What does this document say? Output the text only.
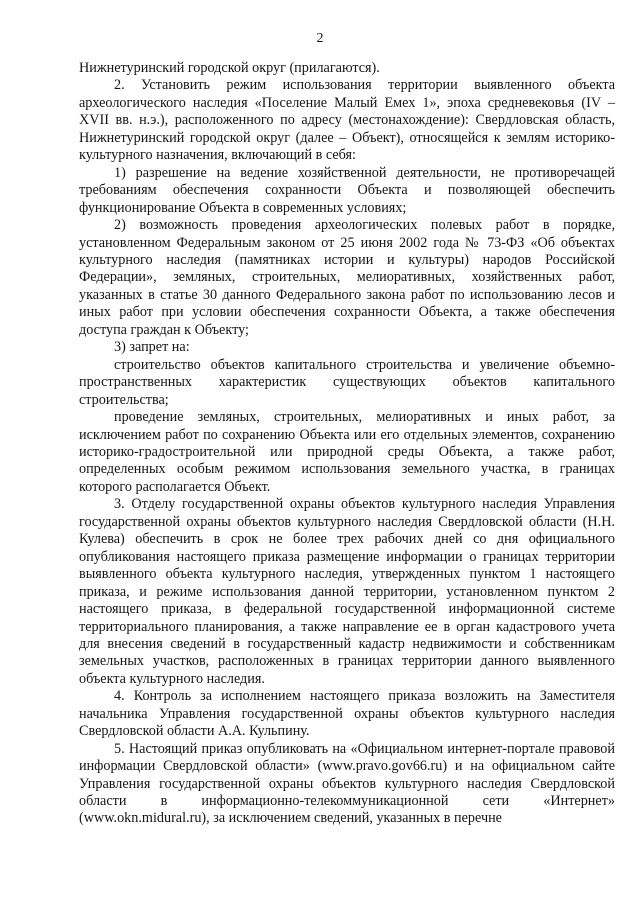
2

Нижнетуринский городской округ (прилагаются).

2. Установить режим использования территории выявленного объекта археологического наследия «Поселение Малый Емех 1», эпоха средневековья (IV – XVII вв. н.э.), расположенного по адресу (местонахождение): Свердловская область, Нижнетуринский городской округ (далее – Объект), относящейся к землям историко-культурного назначения, включающий в себя:

1) разрешение на ведение хозяйственной деятельности, не противоречащей требованиям обеспечения сохранности Объекта и позволяющей обеспечить функционирование Объекта в современных условиях;

2) возможность проведения археологических полевых работ в порядке, установленном Федеральным законом от 25 июня 2002 года № 73-ФЗ «Об объектах культурного наследия (памятниках истории и культуры) народов Российской Федерации», земляных, строительных, мелиоративных, хозяйственных работ, указанных в статье 30 данного Федерального закона работ по использованию лесов и иных работ при условии обеспечения сохранности Объекта, а также обеспечения доступа граждан к Объекту;

3) запрет на:

строительство объектов капитального строительства и увеличение объемно-пространственных характеристик существующих объектов капитального строительства;

проведение земляных, строительных, мелиоративных и иных работ, за исключением работ по сохранению Объекта или его отдельных элементов, сохранению историко-градостроительной или природной среды Объекта, а также работ, определенных особым режимом использования земельного участка, в границах которого располагается Объект.

3. Отделу государственной охраны объектов культурного наследия Управления государственной охраны объектов культурного наследия Свердловской области (Н.Н. Кулева) обеспечить в срок не более трех рабочих дней со дня официального опубликования настоящего приказа размещение информации о границах территории выявленного объекта культурного наследия, утвержденных пунктом 1 настоящего приказа, и режиме использования данной территории, установленном пунктом 2 настоящего приказа, в федеральной государственной информационной системе территориального планирования, а также направление ее в орган кадастрового учета для внесения сведений в государственный кадастр недвижимости и собственникам земельных участков, расположенных в границах территории данного выявленного объекта культурного наследия.

4. Контроль за исполнением настоящего приказа возложить на Заместителя начальника Управления государственной охраны объектов культурного наследия Свердловской области А.А. Кульпину.

5. Настоящий приказ опубликовать на «Официальном интернет-портале правовой информации Свердловской области» (www.pravo.gov66.ru) и на официальном сайте Управления государственной охраны объектов культурного наследия Свердловской области в информационно-телекоммуникационной сети «Интернет» (www.okn.midural.ru), за исключением сведений, указанных в перечне
